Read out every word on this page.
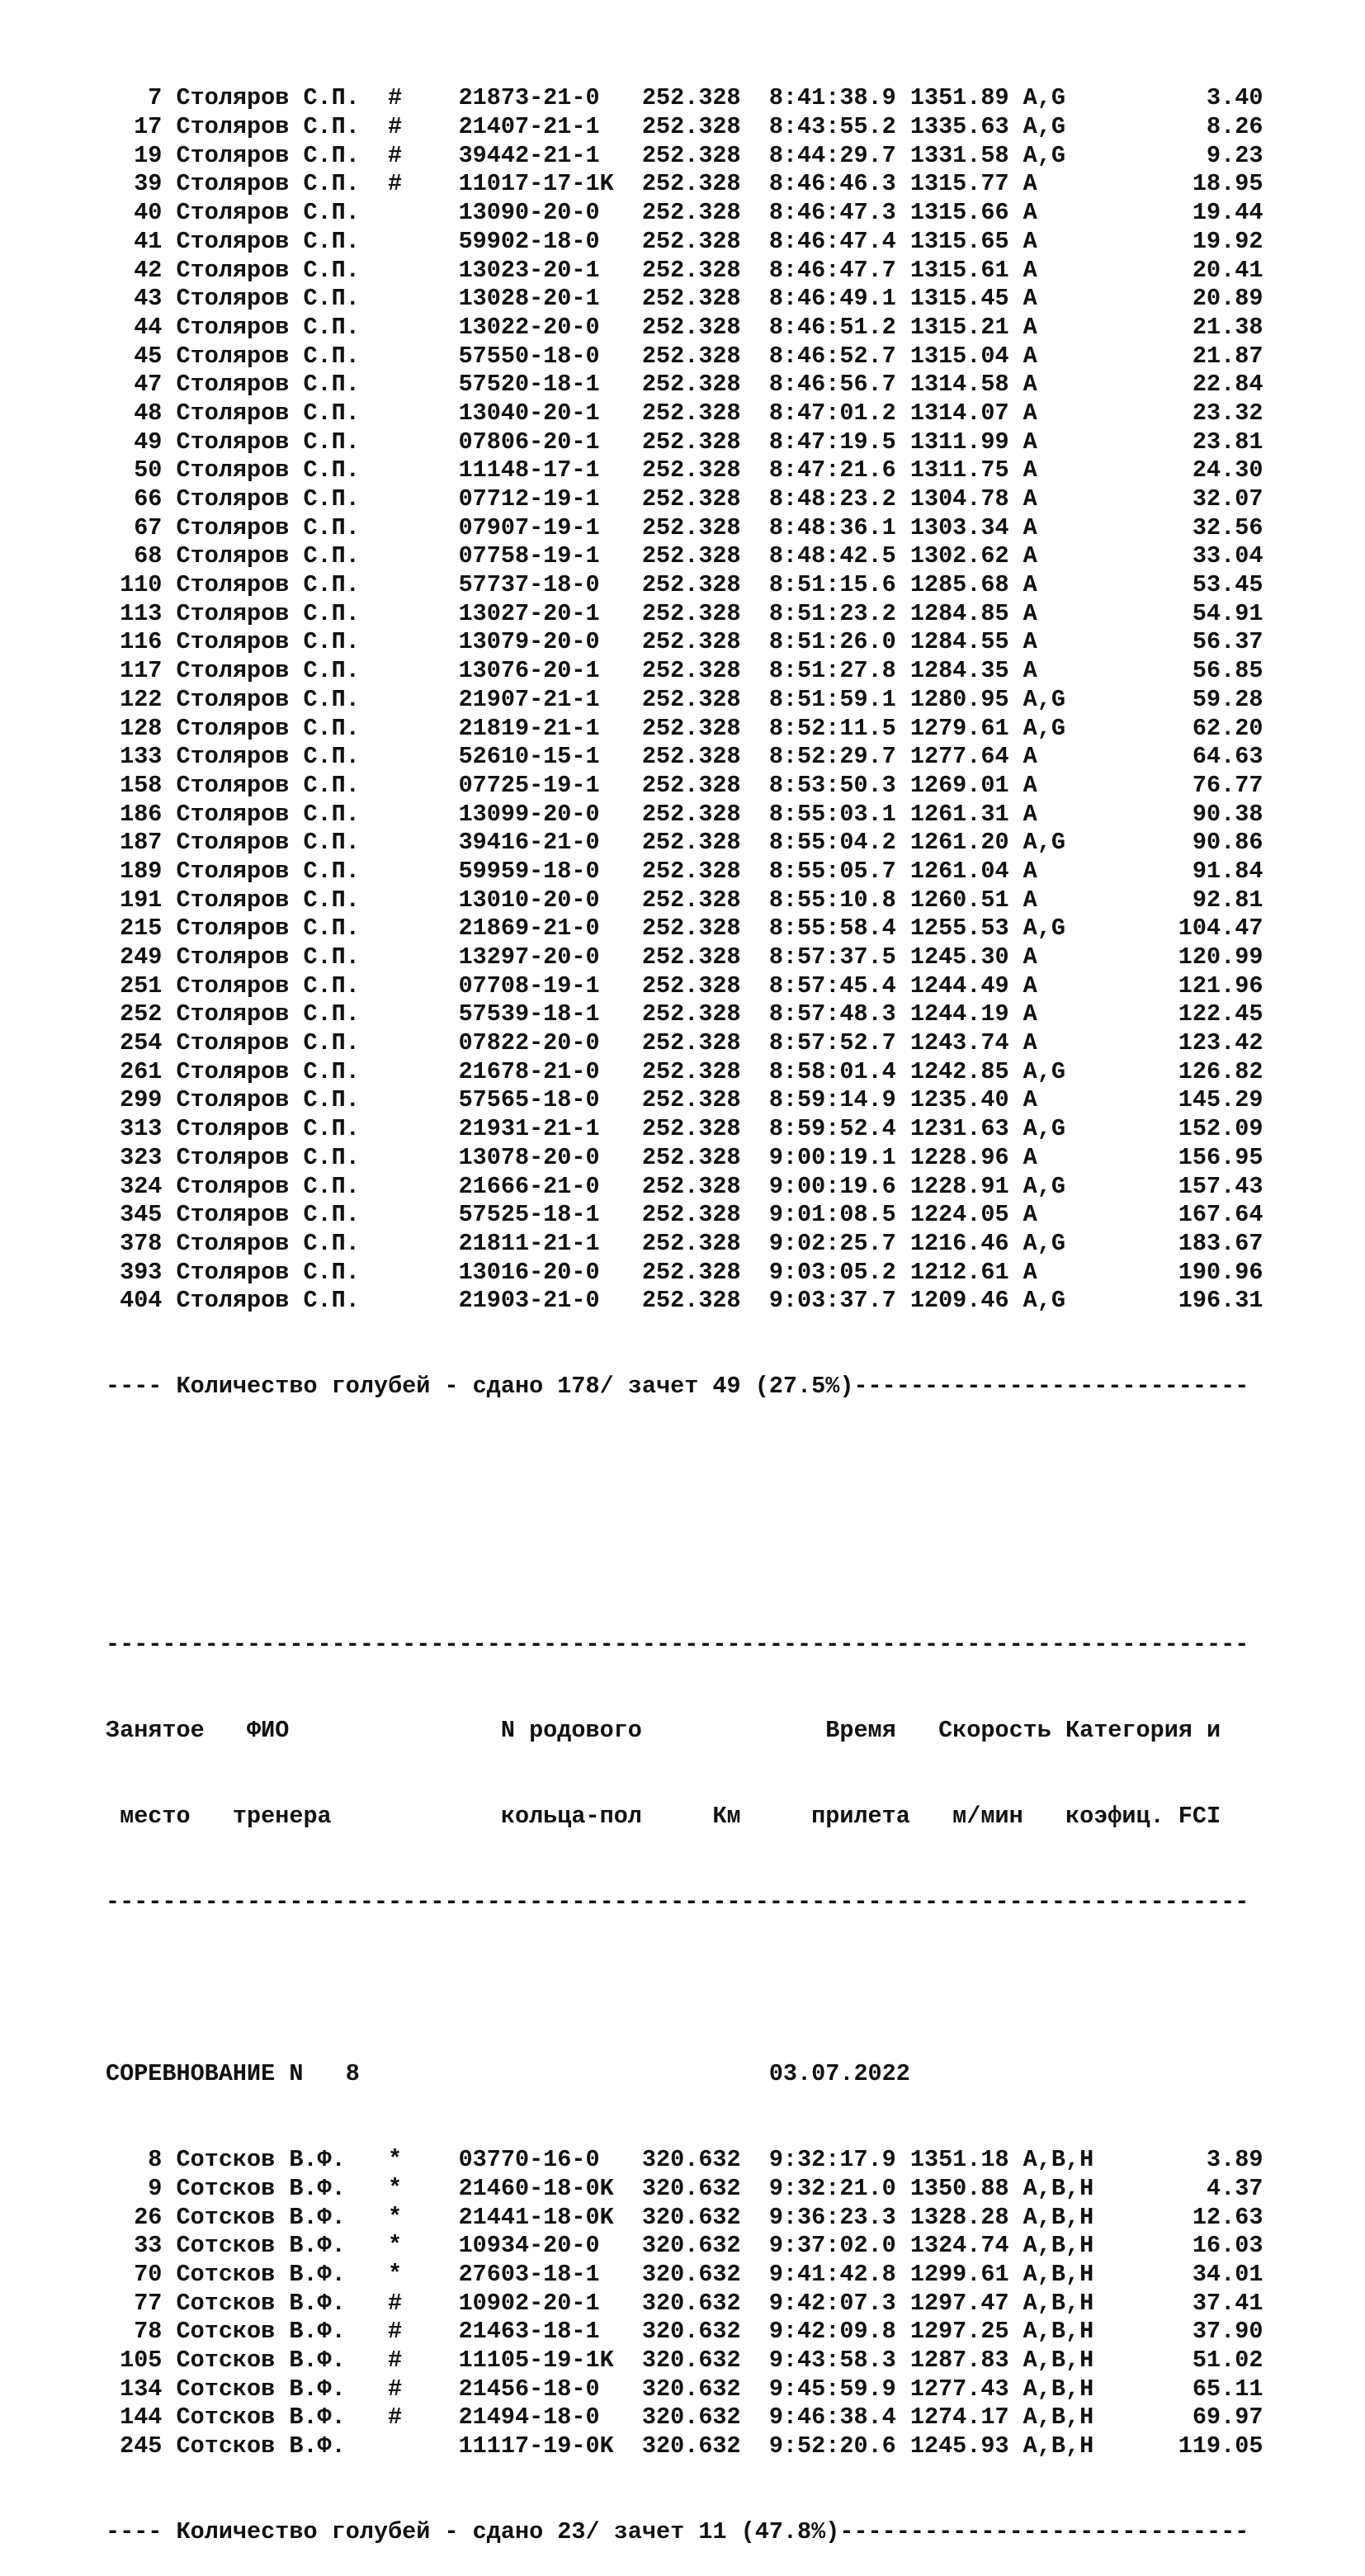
7 Столяров С.П.  #    21873-21-0   252.328  8:41:38.9 1351.89 A,G          3.40
17 Столяров С.П.  #    21407-21-1   252.328  8:43:55.2 1335.63 A,G          8.26
19 Столяров С.П.  #    39442-21-1   252.328  8:44:29.7 1331.58 A,G          9.23
39 Столяров С.П.  #    11017-17-1K  252.328  8:46:46.3 1315.77 A           18.95
40 Столяров С.П.       13090-20-0   252.328  8:46:47.3 1315.66 A           19.44
41 Столяров С.П.       59902-18-0   252.328  8:46:47.4 1315.65 A           19.92
42 Столяров С.П.       13023-20-1   252.328  8:46:47.7 1315.61 A           20.41
43 Столяров С.П.       13028-20-1   252.328  8:46:49.1 1315.45 A           20.89
44 Столяров С.П.       13022-20-0   252.328  8:46:51.2 1315.21 A           21.38
45 Столяров С.П.       57550-18-0   252.328  8:46:52.7 1315.04 A           21.87
47 Столяров С.П.       57520-18-1   252.328  8:46:56.7 1314.58 A           22.84
48 Столяров С.П.       13040-20-1   252.328  8:47:01.2 1314.07 A           23.32
49 Столяров С.П.       07806-20-1   252.328  8:47:19.5 1311.99 A           23.81
50 Столяров С.П.       11148-17-1   252.328  8:47:21.6 1311.75 A           24.30
66 Столяров С.П.       07712-19-1   252.328  8:48:23.2 1304.78 A           32.07
67 Столяров С.П.       07907-19-1   252.328  8:48:36.1 1303.34 A           32.56
68 Столяров С.П.       07758-19-1   252.328  8:48:42.5 1302.62 A           33.04
110 Столяров С.П.       57737-18-0   252.328  8:51:15.6 1285.68 A           53.45
113 Столяров С.П.       13027-20-1   252.328  8:51:23.2 1284.85 A           54.91
116 Столяров С.П.       13079-20-0   252.328  8:51:26.0 1284.55 A           56.37
117 Столяров С.П.       13076-20-1   252.328  8:51:27.8 1284.35 A           56.85
122 Столяров С.П.       21907-21-1   252.328  8:51:59.1 1280.95 A,G         59.28
128 Столяров С.П.       21819-21-1   252.328  8:52:11.5 1279.61 A,G         62.20
133 Столяров С.П.       52610-15-1   252.328  8:52:29.7 1277.64 A           64.63
158 Столяров С.П.       07725-19-1   252.328  8:53:50.3 1269.01 A           76.77
186 Столяров С.П.       13099-20-0   252.328  8:55:03.1 1261.31 A           90.38
187 Столяров С.П.       39416-21-0   252.328  8:55:04.2 1261.20 A,G         90.86
189 Столяров С.П.       59959-18-0   252.328  8:55:05.7 1261.04 A           91.84
191 Столяров С.П.       13010-20-0   252.328  8:55:10.8 1260.51 A           92.81
215 Столяров С.П.       21869-21-0   252.328  8:55:58.4 1255.53 A,G        104.47
249 Столяров С.П.       13297-20-0   252.328  8:57:37.5 1245.30 A          120.99
251 Столяров С.П.       07708-19-1   252.328  8:57:45.4 1244.49 A          121.96
252 Столяров С.П.       57539-18-1   252.328  8:57:48.3 1244.19 A          122.45
254 Столяров С.П.       07822-20-0   252.328  8:57:52.7 1243.74 A          123.42
261 Столяров С.П.       21678-21-0   252.328  8:58:01.4 1242.85 A,G        126.82
299 Столяров С.П.       57565-18-0   252.328  8:59:14.9 1235.40 A          145.29
313 Столяров С.П.       21931-21-1   252.328  8:59:52.4 1231.63 A,G        152.09
323 Столяров С.П.       13078-20-0   252.328  9:00:19.1 1228.96 A          156.95
324 Столяров С.П.       21666-21-0   252.328  9:00:19.6 1228.91 A,G        157.43
345 Столяров С.П.       57525-18-1   252.328  9:01:08.5 1224.05 A          167.64
378 Столяров С.П.       21811-21-1   252.328  9:02:25.7 1216.46 A,G        183.67
393 Столяров С.П.       13016-20-0   252.328  9:03:05.2 1212.61 A          190.96
404 Столяров С.П.       21903-21-0   252.328  9:03:37.7 1209.46 A,G        196.31

---- Количество голубей - сдано 178/ зачет 49 (27.5%)----------------------------

---------------------------------------------------------------------------------

Занятое   ФИО               N родового             Время   Скорость Категория и

место   тренера            кольца-пол     Км     прилета   м/мин   коэфиц. FCI

---------------------------------------------------------------------------------

СОРЕВНОВАНИЕ N   8                             03.07.2022

8 Сотсков В.Ф.   *    03770-16-0   320.632  9:32:17.9 1351.18 A,B,H        3.89
9 Сотсков В.Ф.   *    21460-18-0K  320.632  9:32:21.0 1350.88 A,B,H        4.37
26 Сотсков В.Ф.   *    21441-18-0K  320.632  9:36:23.3 1328.28 A,B,H       12.63
33 Сотсков В.Ф.   *    10934-20-0   320.632  9:37:02.0 1324.74 A,B,H       16.03
70 Сотсков В.Ф.   *    27603-18-1   320.632  9:41:42.8 1299.61 A,B,H       34.01
77 Сотсков В.Ф.   #    10902-20-1   320.632  9:42:07.3 1297.47 A,B,H       37.41
78 Сотсков В.Ф.   #    21463-18-1   320.632  9:42:09.8 1297.25 A,B,H       37.90
105 Сотсков В.Ф.   #    11105-19-1K  320.632  9:43:58.3 1287.83 A,B,H       51.02
134 Сотсков В.Ф.   #    21456-18-0   320.632  9:45:59.9 1277.43 A,B,H       65.11
144 Сотсков В.Ф.   #    21494-18-0   320.632  9:46:38.4 1274.17 A,B,H       69.97
245 Сотсков В.Ф.        11117-19-0K  320.632  9:52:20.6 1245.93 A,B,H      119.05

---- Количество голубей - сдано 23/ зачет 11 (47.8%)-----------------------------
